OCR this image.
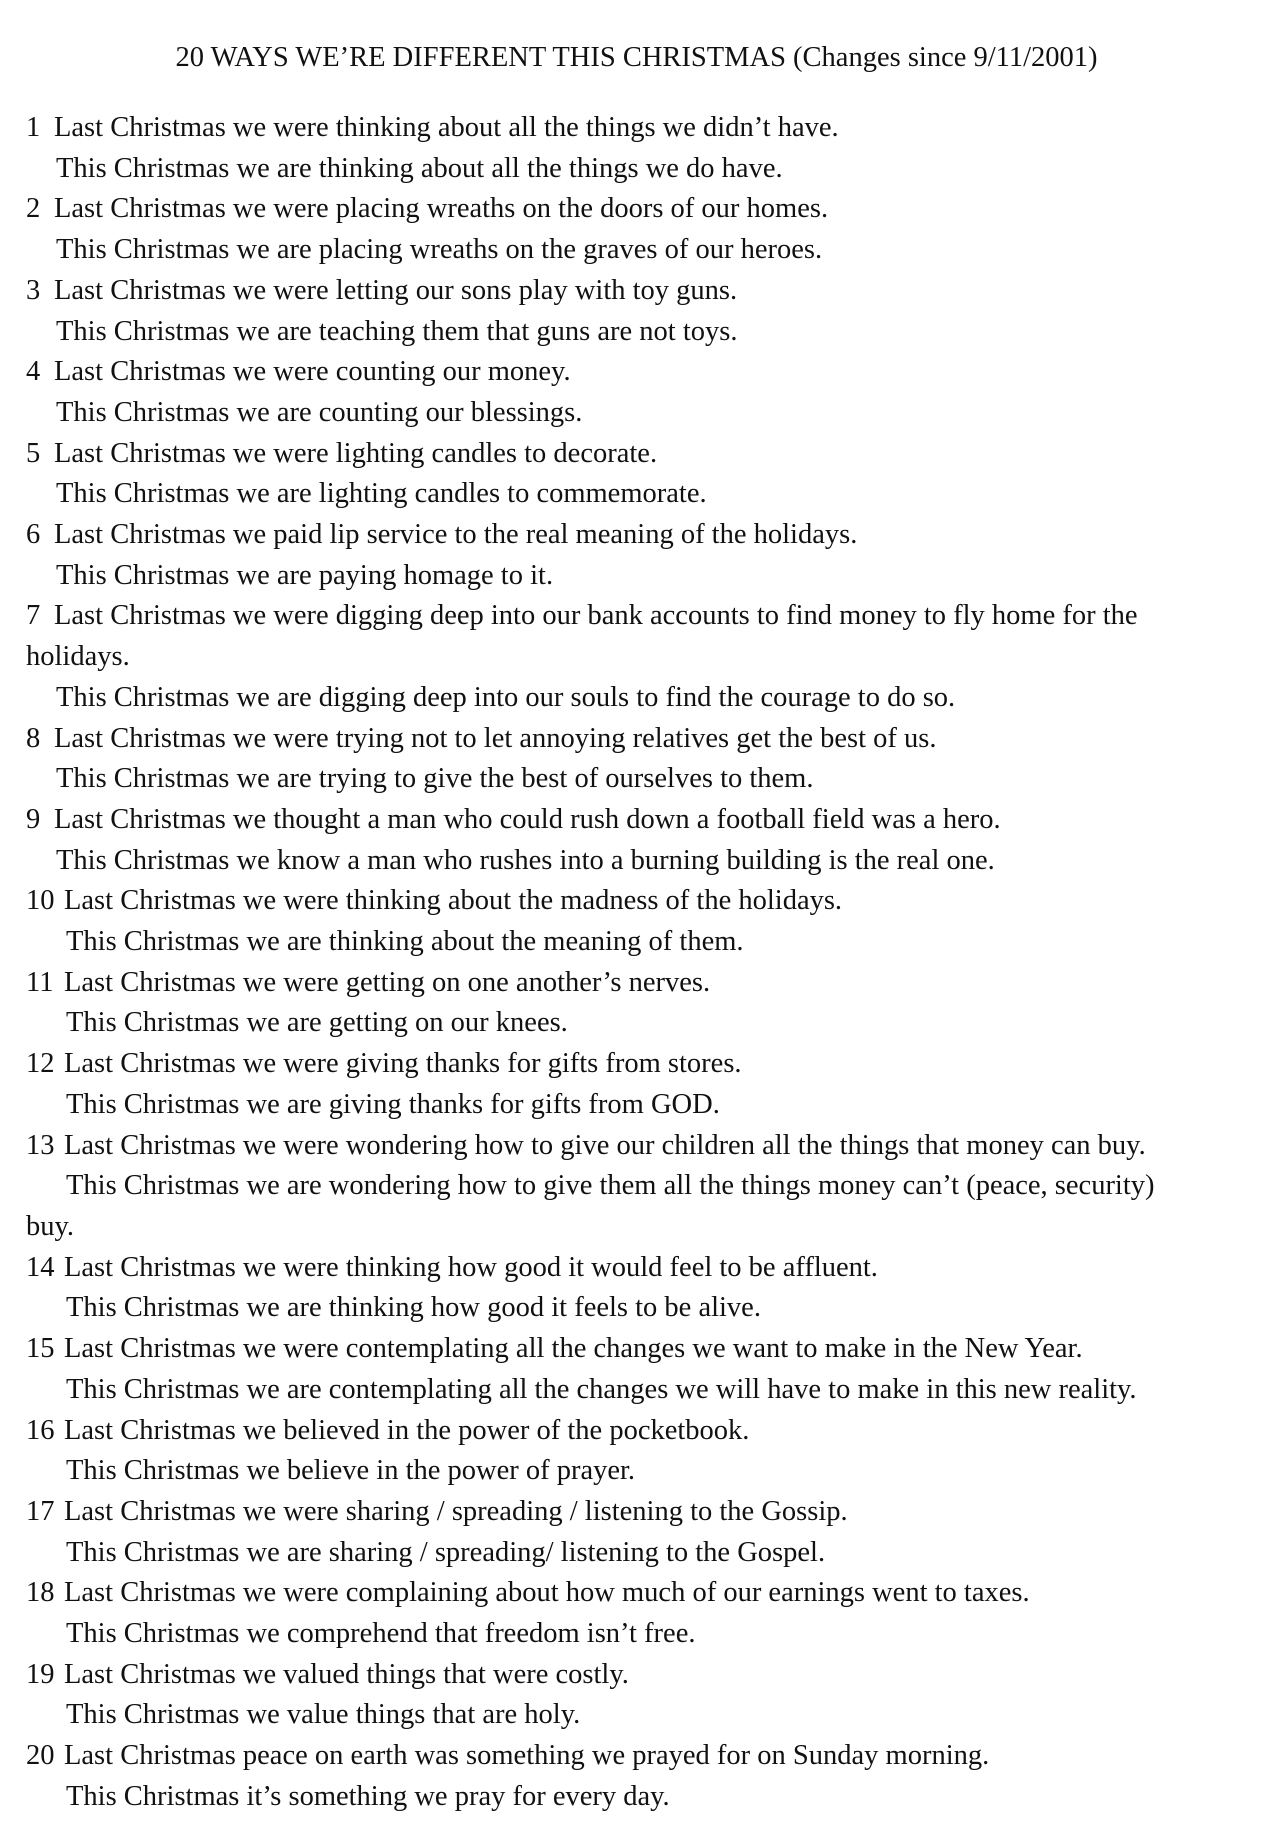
20 WAYS WE’RE DIFFERENT THIS CHRISTMAS (Changes since 9/11/2001)
1 Last Christmas we were thinking about all the things we didn’t have.
This Christmas we are thinking about all the things we do have.
2 Last Christmas we were placing wreaths on the doors of our homes.
This Christmas we are placing wreaths on the graves of our heroes.
3 Last Christmas we were letting our sons play with toy guns.
This Christmas we are teaching them that guns are not toys.
4 Last Christmas we were counting our money.
This Christmas we are counting our blessings.
5 Last Christmas we were lighting candles to decorate.
This Christmas we are lighting candles to commemorate.
6 Last Christmas we paid lip service to the real meaning of the holidays.
This Christmas we are paying homage to it.
7 Last Christmas we were digging deep into our bank accounts to find money to fly home for the
holidays.
This Christmas we are digging deep into our souls to find the courage to do so.
8 Last Christmas we were trying not to let annoying relatives get the best of us.
This Christmas we are trying to give the best of ourselves to them.
9 Last Christmas we thought a man who could rush down a football field was a hero.
This Christmas we know a man who rushes into a burning building is the real one.
10 Last Christmas we were thinking about the madness of the holidays.
This Christmas we are thinking about the meaning of them.
11 Last Christmas we were getting on one another’s nerves.
This Christmas we are getting on our knees.
12 Last Christmas we were giving thanks for gifts from stores.
This Christmas we are giving thanks for gifts from GOD.
13 Last Christmas we were wondering how to give our children all the things that money can buy.
This Christmas we are wondering how to give them all the things money can’t (peace, security)
buy.
14 Last Christmas we were thinking how good it would feel to be affluent.
This Christmas we are thinking how good it feels to be alive.
15 Last Christmas we were contemplating all the changes we want to make in the New Year.
This Christmas we are contemplating all the changes we will have to make in this new reality.
16 Last Christmas we believed in the power of the pocketbook.
This Christmas we believe in the power of prayer.
17 Last Christmas we were sharing / spreading / listening to the Gossip.
This Christmas we are sharing / spreading/ listening to the Gospel.
18 Last Christmas we were complaining about how much of our earnings went to taxes.
This Christmas we comprehend that freedom isn’t free.
19 Last Christmas we valued things that were costly.
This Christmas we value things that are holy.
20 Last Christmas peace on earth was something we prayed for on Sunday morning.
This Christmas it’s something we pray for every day.
